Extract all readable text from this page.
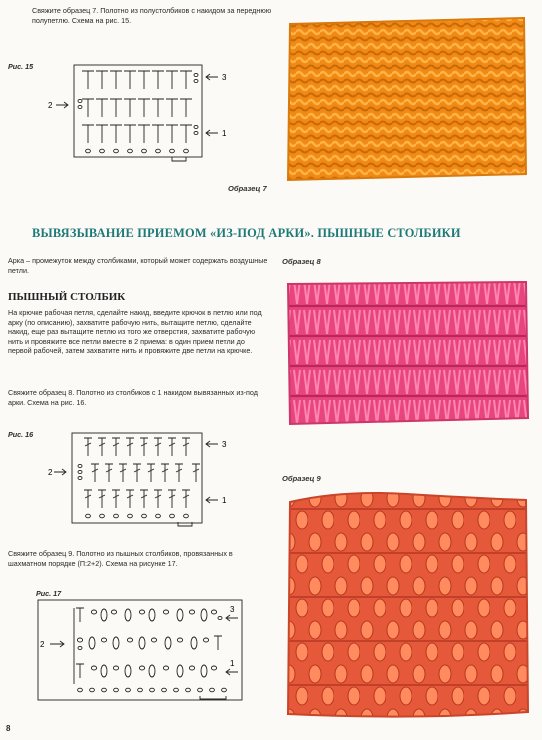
Свяжите образец 7. Полотно из полустолбиков с накидом за переднюю полупетлю. Схема на рис. 15.
Рис. 15
3
2
1
Образец 7
ВЫВЯЗЫВАНИЕ ПРИЕМОМ «ИЗ-ПОД АРКИ». ПЫШНЫЕ СТОЛБИКИ
Арка – промежуток между столбиками, который может содержать воздушные петли.
Образец 8
ПЫШНЫЙ СТОЛБИК
На крючке рабочая петля, сделайте накид, введите крючок в петлю или под арку (по описанию), захватите рабочую нить, вытащите петлю, сделайте накид, еще раз вытащите петлю из того же отверстия, захватите рабочую нить и провяжите все петли вместе в 2 приема: в один прием петли до первой рабочей, затем захватите нить и провяжите две петли на крючке.
Свяжите образец 8. Полотно из столбиков с 1 накидом вывязанных из-под арки. Схема на рис. 16.
Рис. 16
3
2
1
Образец 9
Свяжите образец 9. Полотно из пышных столбиков, провязанных в шахматном порядке (П:2+2). Схема на рисунке 17.
Рис. 17
3
2
1
8
